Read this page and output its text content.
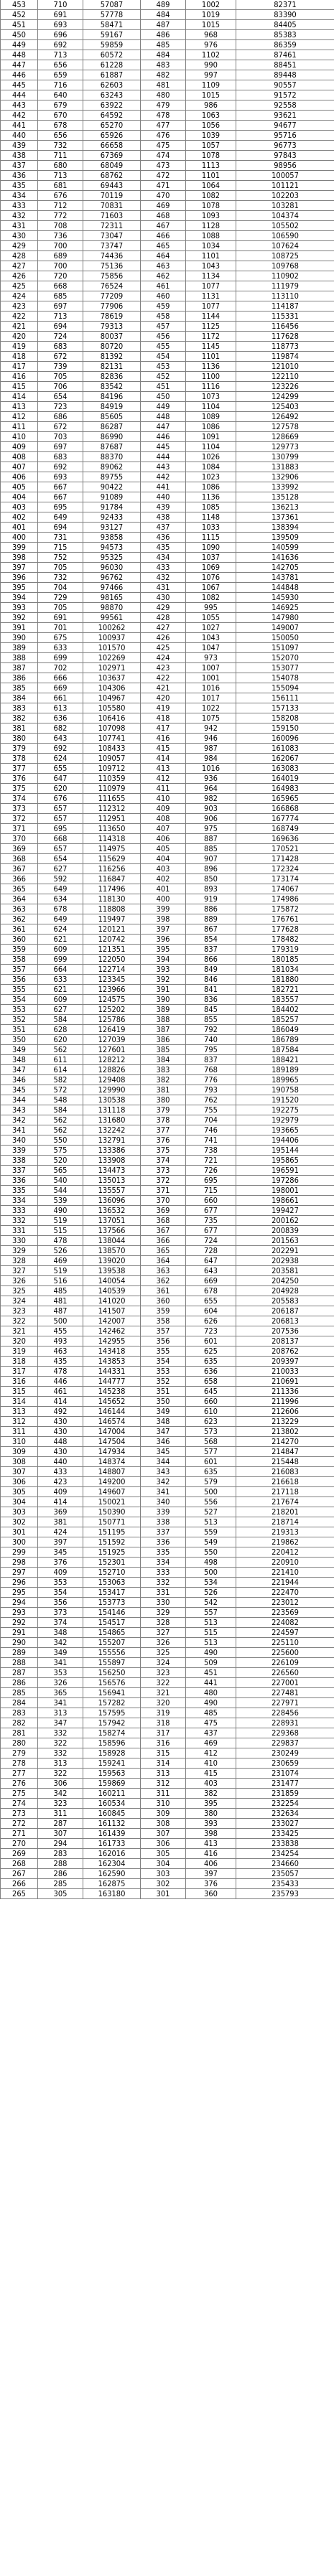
453	710	57087	489	1002	82371
452	691	57778	484	1019	83390
451	693	58471	487	1015	84405
450	696	59167	486	968	85383
449	692	59859	485	976	86359
448	713	60572	484	1102	87461
447	656	61228	483	990	88451
446	659	61887	482	997	89448
445	716	62603	481	1109	90557
444	640	63243	480	1015	91572
443	679	63922	479	986	92558
442	670	64592	478	1063	93621
441	678	65270	477	1056	94677
440	656	65926	476	1039	95716
439	732	66658	475	1057	96773
438	711	67369	474	1078	97843
437	680	68049	473	1113	98956
436	713	68762	472	1101	100057
435	681	69443	471	1064	101121
434	676	70119	470	1082	102203
433	712	70831	469	1078	103281
432	772	71603	468	1093	104374
431	708	72311	467	1128	105502
430	736	73047	466	1088	106590
429	700	73747	465	1034	107624
428	689	74436	464	1101	108725
427	700	75136	463	1043	109768
426	720	75856	462	1134	110902
425	668	76524	461	1077	111979
424	685	77209	460	1131	113110
423	697	77906	459	1077	114187
422	713	78619	458	1144	115331
421	694	79313	457	1125	116456
420	724	80037	456	1172	117628
419	683	80720	455	1145	118773
418	672	81392	454	1101	119874
417	739	82131	453	1136	121010
416	705	82836	452	1100	122110
415	706	83542	451	1116	123226
414	654	84196	450	1073	124299
413	723	84919	449	1104	125403
412	686	85605	448	1089	126492
411	672	86287	447	1086	127578
410	703	86990	446	1091	128669
409	697	87687	445	1104	129773
408	683	88370	444	1026	130799
407	692	89062	443	1084	131883
406	693	89755	442	1023	132906
405	667	90422	441	1086	133992
404	667	91089	440	1136	135128
403	695	91784	439	1085	136213
402	649	92433	438	1148	137361
401	694	93127	437	1033	138394
400	731	93858	436	1115	139509
399	715	94573	435	1090	140599
398	752	95325	434	1037	141636
397	705	96030	433	1069	142705
396	732	96762	432	1076	143781
395	704	97466	431	1067	144848
394	729	98165	430	1082	145930
393	705	98870	429	995	146925
392	691	99561	428	1055	147980
391	701	100262	427	1027	149007
390	675	100937	426	1043	150050
389	633	101570	425	1047	151097
388	699	102269	424	973	152070
387	702	102971	423	1007	153077
386	666	103637	422	1001	154078
385	669	104306	421	1016	155094
384	661	104967	420	1017	156111
383	613	105580	419	1022	157133
382	636	106416	418	1075	158208
381	682	107098	417	942	159150
380	643	107741	416	946	160096
379	692	108433	415	987	161083
378	624	109057	414	984	162067
377	655	109712	413	1016	163083
376	647	110359	412	936	164019
375	620	110979	411	964	164983
374	676	111655	410	982	165965
373	657	112312	409	903	166868
372	657	112951	408	906	167774
371	695	113650	407	975	168749
370	668	114318	406	887	169636
369	657	114975	405	885	170521
368	654	115629	404	907	171428
367	627	116256	403	896	172324
366	592	116847	402	850	173174
365	649	117496	401	893	174067
364	634	118130	400	919	174986
363	678	118808	399	886	175872
362	649	119497	398	889	176761
361	624	120121	397	867	177628
360	621	120742	396	854	178482
359	609	121351	395	837	179319
358	699	122050	394	866	180185
357	664	122714	393	849	181034
356	633	123345	392	846	181880
355	621	123966	391	841	182721
354	609	124575	390	836	183557
353	627	125202	389	845	184402
352	584	125786	388	855	185257
351	628	126419	387	792	186049
350	620	127039	386	740	186789
349	562	127601	385	795	187584
348	611	128212	384	837	188421
347	614	128826	383	768	189189
346	582	129408	382	776	189965
345	572	129990	381	793	190758
344	548	130538	380	762	191520
343	584	131118	379	755	192275
342	562	131680	378	704	192979
341	562	132242	377	746	193665
340	550	132791	376	741	194406
339	575	133386	375	738	195144
338	520	133908	374	721	195865
337	565	134473	373	726	196591
336	540	135013	372	695	197286
335	544	135557	371	715	198001
334	539	136096	370	660	198661
333	490	136532	369	677	199427
332	519	137051	368	735	200162
331	515	137566	367	677	200839
330	478	138044	366	724	201563
329	526	138570	365	728	202291
328	469	139020	364	647	202938
327	519	139538	363	643	203581
326	516	140054	362	669	204250
325	485	140539	361	678	204928
324	481	141020	360	655	205583
323	487	141507	359	604	206187
322	500	142007	358	626	206813
321	455	142462	357	723	207536
320	493	142955	356	601	208137
319	463	143418	355	625	208762
318	435	143853	354	635	209397
317	478	144331	353	636	210033
316	446	144777	352	658	210691
315	461	145238	351	645	211336
314	414	145652	350	660	211996
313	492	146144	349	610	212606
312	430	146574	348	623	213229
311	430	147004	347	573	213802
310	448	147504	346	568	214270
309	430	147934	345	577	214847
308	440	148374	344	601	215448
307	433	148807	343	635	216083
306	423	149200	342	579	216618
305	409	149607	341	500	217118
304	414	150021	340	556	217674
303	369	150390	339	527	218201
302	381	150771	338	513	218714
301	424	151195	337	559	219313
300	397	151592	336	549	219862
299	345	151925	335	550	220412
298	376	152301	334	498	220910
297	409	152710	333	500	221410
296	353	153063	332	534	221944
295	354	153417	331	526	222470
294	356	153773	330	542	223012
293	373	154146	329	557	223569
292	374	154517	328	513	224082
291	348	154865	327	515	224597
290	342	155207	326	513	225110
289	349	155556	325	490	225600
288	341	155897	324	509	226109
287	353	156250	323	451	226560
286	326	156576	322	441	227001
285	365	156941	321	480	227481
284	341	157282	320	490	227971
283	313	157595	319	485	228456
282	347	157942	318	475	228931
281	332	158274	317	437	229368
280	322	158596	316	469	229837
279	332	158928	315	412	230249
278	313	159241	314	410	230659
277	322	159563	313	415	231074
276	306	159869	312	403	231477
275	342	160211	311	382	231859
274	323	160534	310	395	232254
273	311	160845	309	380	232634
272	287	161132	308	393	233027
271	307	161439	307	398	233425
270	294	161733	306	413	233838
269	283	162016	305	416	234254
268	288	162304	304	406	234660
267	286	162590	303	397	235057
266	285	162875	302	376	235433
265	305	163180	301	360	235793
